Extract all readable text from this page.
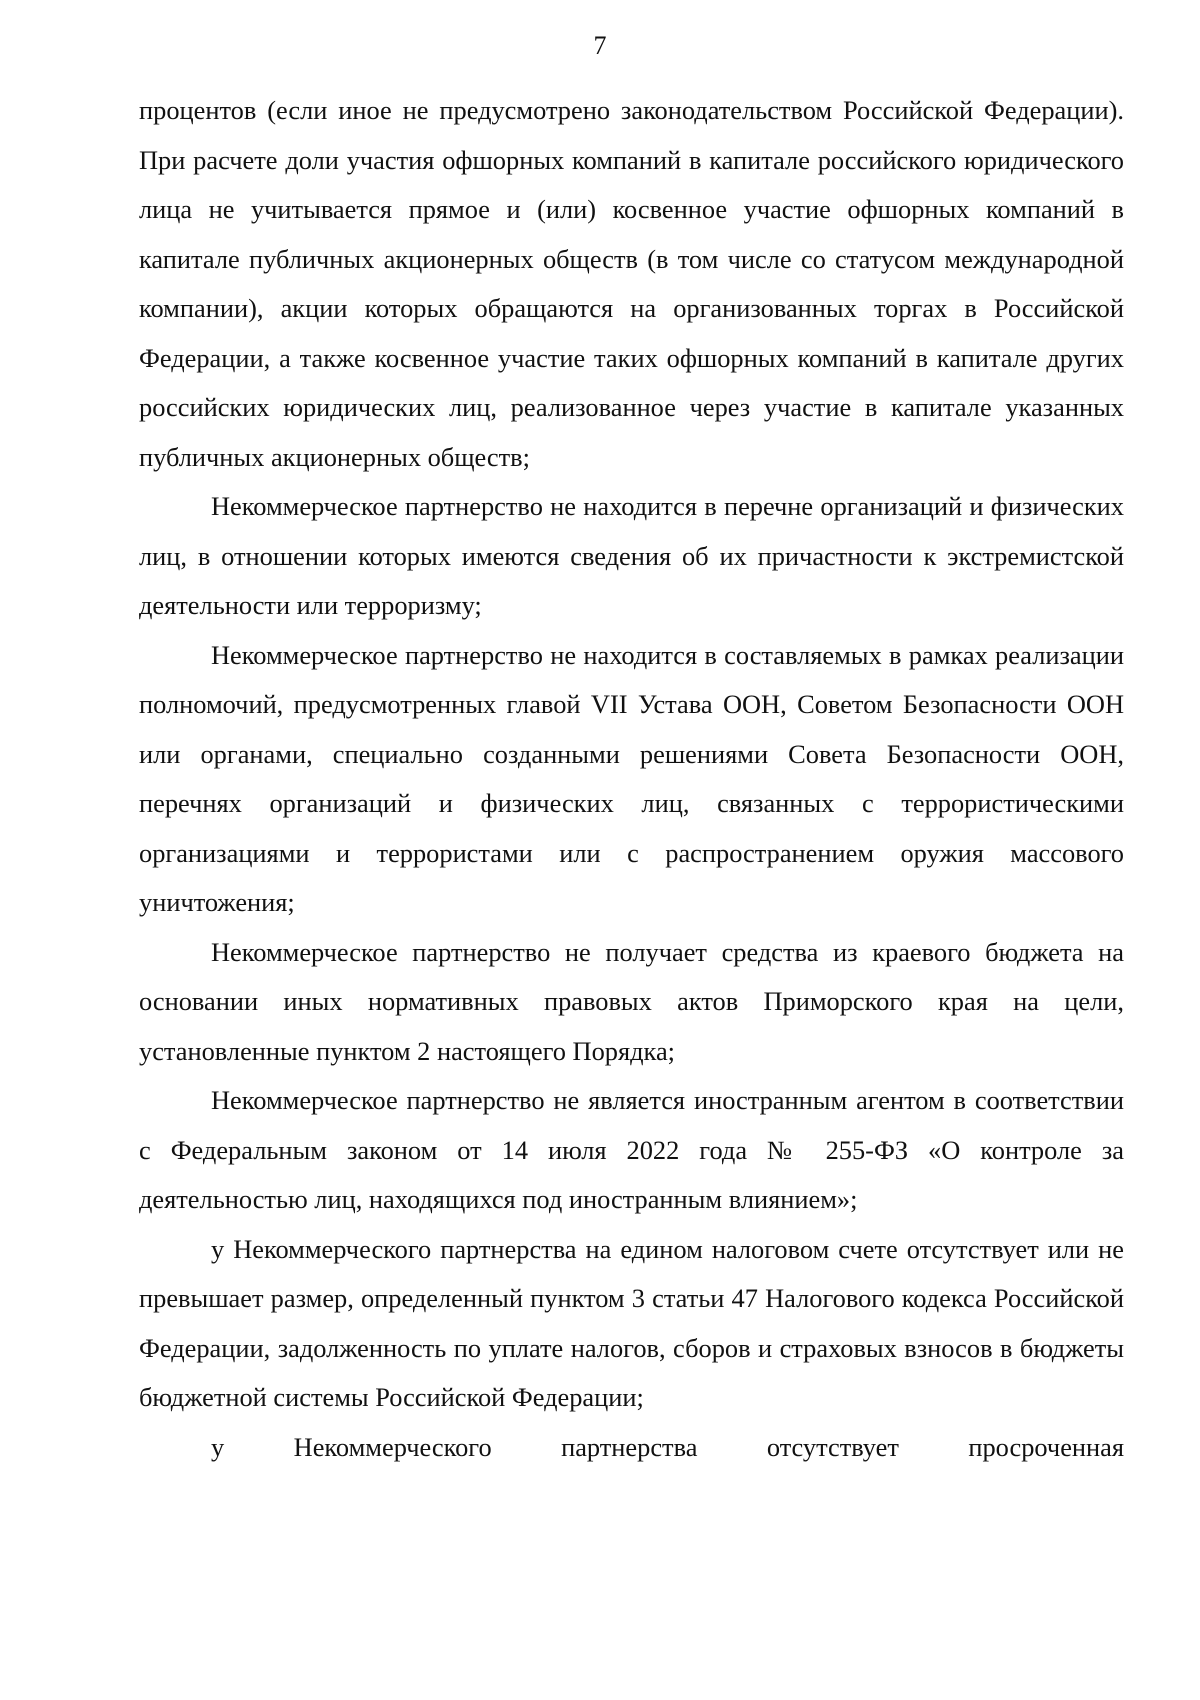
7

процентов (если иное не предусмотрено законодательством Российской Федерации). При расчете доли участия офшорных компаний в капитале российского юридического лица не учитывается прямое и (или) косвенное участие офшорных компаний в капитале публичных акционерных обществ (в том числе со статусом международной компании), акции которых обращаются на организованных торгах в Российской Федерации, а также косвенное участие таких офшорных компаний в капитале других российских юридических лиц, реализованное через участие в капитале указанных публичных акционерных обществ;

Некоммерческое партнерство не находится в перечне организаций и физических лиц, в отношении которых имеются сведения об их причастности к экстремистской деятельности или терроризму;

Некоммерческое партнерство не находится в составляемых в рамках реализации полномочий, предусмотренных главой VII Устава ООН, Советом Безопасности ООН или органами, специально созданными решениями Совета Безопасности ООН, перечнях организаций и физических лиц, связанных с террористическими организациями и террористами или с распространением оружия массового уничтожения;

Некоммерческое партнерство не получает средства из краевого бюджета на основании иных нормативных правовых актов Приморского края на цели, установленные пунктом 2 настоящего Порядка;

Некоммерческое партнерство не является иностранным агентом в соответствии с Федеральным законом от 14 июля 2022 года № 255-ФЗ «О контроле за деятельностью лиц, находящихся под иностранным влиянием»;

у Некоммерческого партнерства на едином налоговом счете отсутствует или не превышает размер, определенный пунктом 3 статьи 47 Налогового кодекса Российской Федерации, задолженность по уплате налогов, сборов и страховых взносов в бюджеты бюджетной системы Российской Федерации;

у Некоммерческого партнерства отсутствует просроченная
